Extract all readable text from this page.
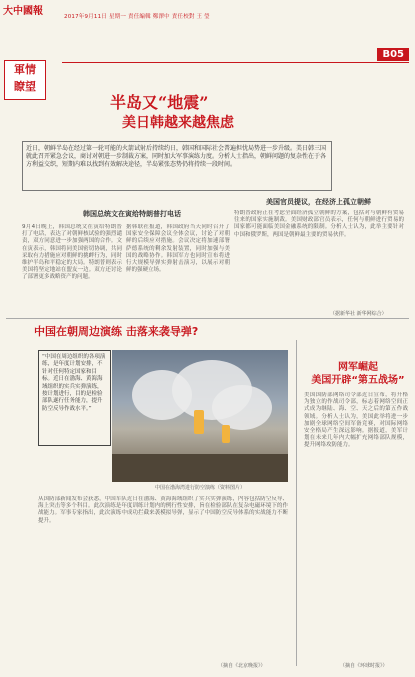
大中國報	2017年9月11日 星期一 責任編輯 鄭澤中 責任校對 王 瑩
B05
軍情
瞭望
半岛又“地震”
美日韩越来越焦虑
近日，朝鲜半岛在经过第一轮可能的火箭试射后持续约日，韩国和国际社会普遍担忧局势进一步升级。美日韩三国就此召开紧急会议，商讨对朝进一步制裁方案，同时加大军事演练力度。分析人士指出，朝鲜问题的复杂性在于各方利益交织，短期内难以找到有效解决途径，半岛紧张态势仍将持续一段时间。
美国官员提议，在经济上孤立朝鲜
韩国总统文在寅给特朗普打电话
9月4日晚上，韩国总统文在寅给特朗普打了电话，表达了对朝鲜核试验的强烈谴责，双方同意进一步加强两国的合作。文在寅表示，韩国将同美国密切协调，共同采取有力措施应对朝鲜的挑衅行为，同时维护半岛和平稳定的大局。特朗普则表示美国将坚定地站在盟友一边。双方还讨论了部署更多战略资产的问题。
据韩联社报道，韩国政府当天同时召开了国家安全保障会议全体会议，讨论了对朝鲜的后续应对措施。会议决定将加速部署萨德系统的剩余发射装置，同时加强与美国的战略协作。韩国军方也同时宣布将进行大规模导弹实弹射击演习，以展示对朝鲜的强硬立场。
特朗普政府正在考虑全面经济孤立朝鲜的方案，包括对与朝鲜有贸易往来的国家实施制裁。美国财政部官员表示，任何与朝鲜进行贸易的国家都可能面临美国金融系统的限制。分析人士认为，此举主要针对中国和俄罗斯，两国是朝鲜最主要的贸易伙伴。
（据新华社 新华网综合）
中国在朝周边演练 击落来袭导弹?
“中国在周边组织的各项演练，是年度计划安排，不针对任何特定国家和目标。近日在渤海、黄海海域组织的实兵实弹演练，按计划进行，目的是检验部队遂行任务能力，提升防空反导作战水平。”
中国在渤海湾进行防空演练（资料图片）
从国防部新闻发布会获悉，中国军队近日在渤海、黄海海域组织了实兵实弹演练，内容包括防空反导、海上突击等多个科目。此次演练是年度训练计划内的例行性安排，旨在检验部队在复杂电磁环境下的作战能力。军事专家指出，此次演练中成功拦截来袭模拟导弹，显示了中国防空反导体系的实战能力不断提升。
（摘自《北京晚报》）
网军崛起
美国开辟“第五战场”
美国国防部网络司令部近日宣布，将升格为独立的作战司令部，标志着网络空间正式成为继陆、海、空、天之后的第五作战领域。分析人士认为，美国此举将进一步加剧全球网络空间军备竞赛，对国际网络安全格局产生深远影响。据报道，美军计划在未来几年内大幅扩充网络部队规模，提升网络攻防能力。
（摘自《环球时报》）
